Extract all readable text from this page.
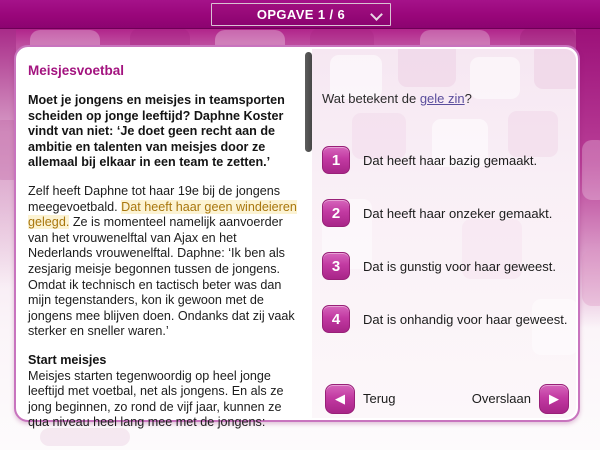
OPGAVE 1 / 6
Meisjesvoetbal

Moet je jongens en meisjes in teamsporten scheiden op jonge leeftijd? Daphne Koster vindt van niet: ‘Je doet geen recht aan de ambitie en talenten van meisjes door ze allemaal bij elkaar in een team te zetten.’

Zelf heeft Daphne tot haar 19e bij de jongens meegevoetbald. Dat heeft haar geen windeieren gelegd. Ze is momenteel namelijk aanvoerder van het vrouwenelftal van Ajax en het Nederlands vrouwenelftal. Daphne: ‘Ik ben als zesjarig meisje begonnen tussen de jongens. Omdat ik technisch en tactisch beter was dan mijn tegenstanders, kon ik gewoon met de jongens mee blijven doen. Ondanks dat zij vaak sterker en sneller waren.’

Start meisjes

Meisjes starten tegenwoordig op heel jonge leeftijd met voetbal, net als jongens. En als ze jong beginnen, zo rond de vijf jaar, kunnen ze qua niveau heel lang mee met de jongens:

Wat betekent de gele zin?
1	Dat heeft haar bazig gemaakt.
2	Dat heeft haar onzeker gemaakt.
3	Dat is gunstig voor haar geweest.
4	Dat is onhandig voor haar geweest.
◀ Terug	Overslaan ▶
